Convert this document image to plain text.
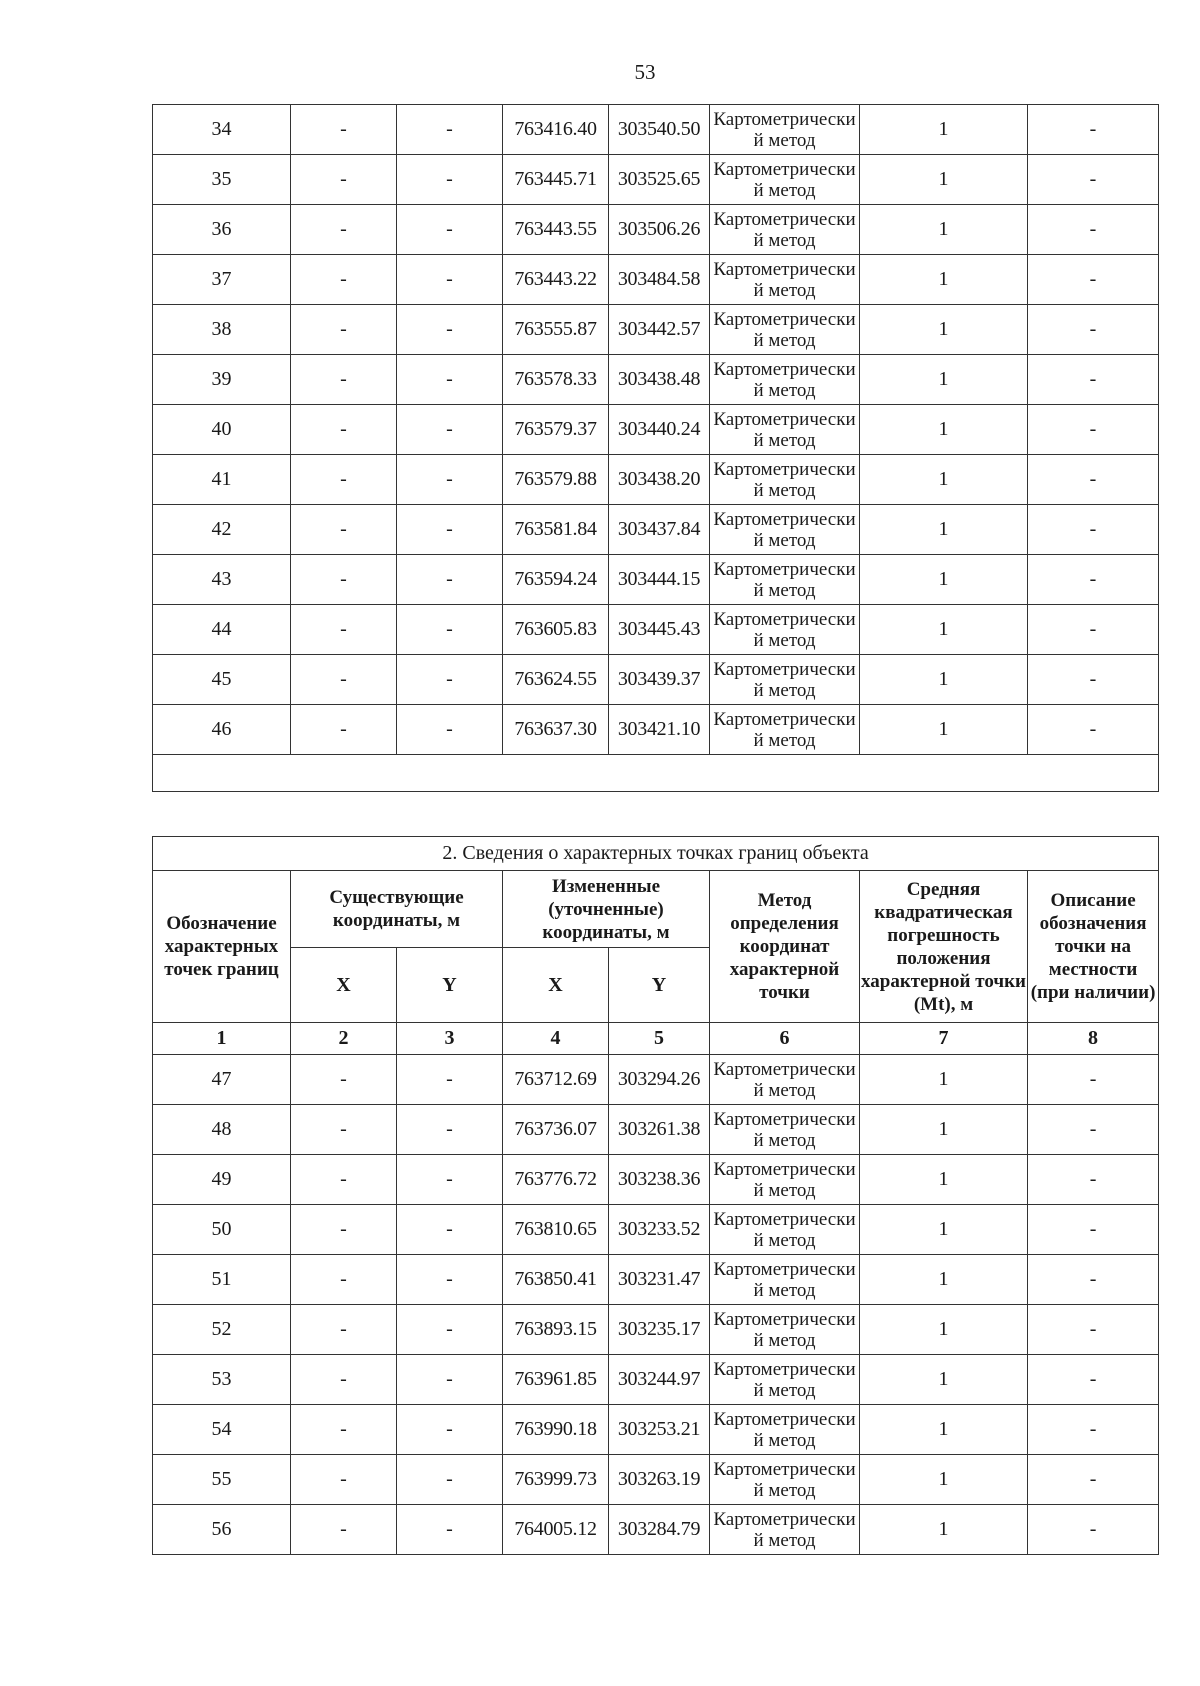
53
34	-	-	763416.40	303540.50	Картометрический метод	1	-
35	-	-	763445.71	303525.65	Картометрический метод	1	-
36	-	-	763443.55	303506.26	Картометрический метод	1	-
37	-	-	763443.22	303484.58	Картометрический метод	1	-
38	-	-	763555.87	303442.57	Картометрический метод	1	-
39	-	-	763578.33	303438.48	Картометрический метод	1	-
40	-	-	763579.37	303440.24	Картометрический метод	1	-
41	-	-	763579.88	303438.20	Картометрический метод	1	-
42	-	-	763581.84	303437.84	Картометрический метод	1	-
43	-	-	763594.24	303444.15	Картометрический метод	1	-
44	-	-	763605.83	303445.43	Картометрический метод	1	-
45	-	-	763624.55	303439.37	Картометрический метод	1	-
46	-	-	763637.30	303421.10	Картометрический метод	1	-

2. Сведения о характерных точках границ объекта							
Обозначение характерных точек границ	Существующие координаты, м		Измененные (уточненные) координаты, м		Метод определения координат характерной точки	Средняя квадратическая погрешность положения характерной точки (Mt), м	Описание обозначения точки на местности (при наличии)
	X	Y	X	Y			
1	2	3	4	5	6	7	8
47	-	-	763712.69	303294.26	Картометрический метод	1	-
48	-	-	763736.07	303261.38	Картометрический метод	1	-
49	-	-	763776.72	303238.36	Картометрический метод	1	-
50	-	-	763810.65	303233.52	Картометрический метод	1	-
51	-	-	763850.41	303231.47	Картометрический метод	1	-
52	-	-	763893.15	303235.17	Картометрический метод	1	-
53	-	-	763961.85	303244.97	Картометрический метод	1	-
54	-	-	763990.18	303253.21	Картометрический метод	1	-
55	-	-	763999.73	303263.19	Картометрический метод	1	-
56	-	-	764005.12	303284.79	Картометрический метод	1	-
